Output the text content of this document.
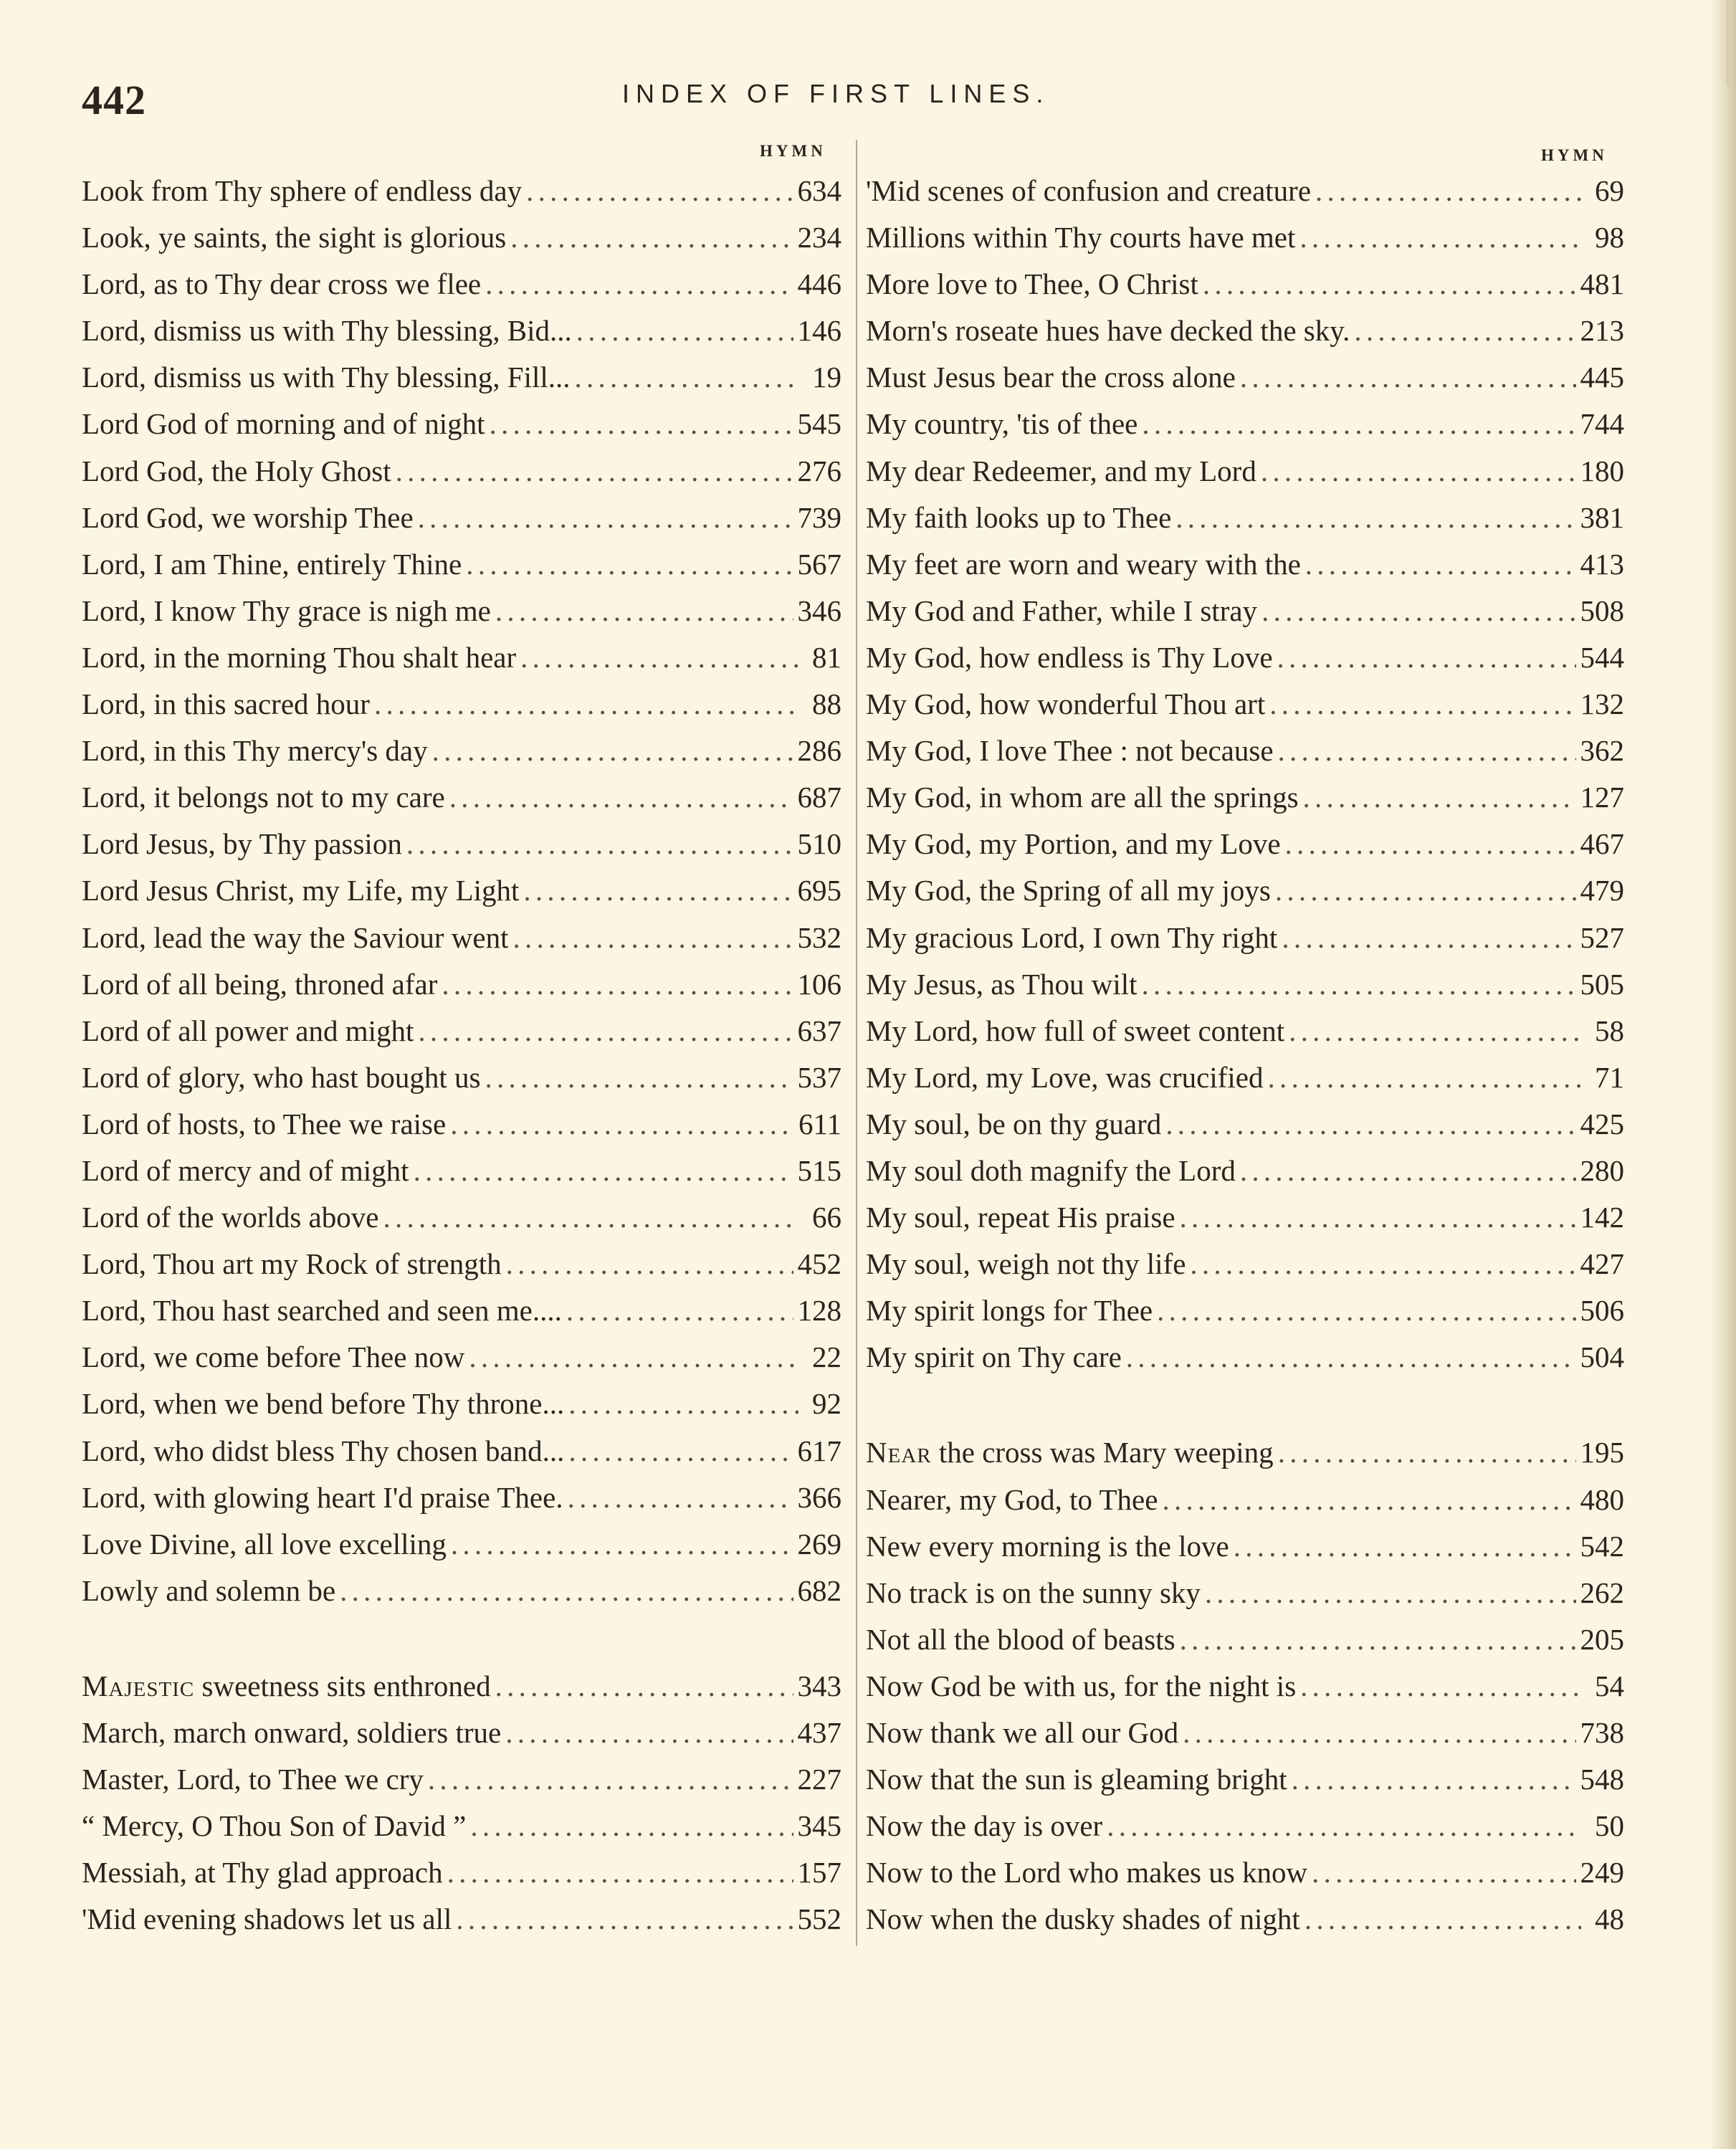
442	INDEX OF FIRST LINES.
HYMN	HYMN
Look from Thy sphere of endless day . . .	634
Look, ye saints, the sight is glorious . . .	234
Lord, as to Thy dear cross we flee . . .	446
Lord, dismiss us with Thy blessing, Bid... . . .	146
Lord, dismiss us with Thy blessing, Fill... . . .	19
Lord God of morning and of night . . .	545
Lord God, the Holy Ghost . . .	276
Lord God, we worship Thee . . .	739
Lord, I am Thine, entirely Thine . . .	567
Lord, I know Thy grace is nigh me . . .	346
Lord, in the morning Thou shalt hear . . .	81
Lord, in this sacred hour . . .	88
Lord, in this Thy mercy's day . . .	286
Lord, it belongs not to my care . . .	687
Lord Jesus, by Thy passion . . .	510
Lord Jesus Christ, my Life, my Light . . .	695
Lord, lead the way the Saviour went . . .	532
Lord of all being, throned afar . . .	106
Lord of all power and might . . .	637
Lord of glory, who hast bought us . . .	537
Lord of hosts, to Thee we raise . . .	611
Lord of mercy and of might . . .	515
Lord of the worlds above . . .	66
Lord, Thou art my Rock of strength . . .	452
Lord, Thou hast searched and seen me.... . . .	128
Lord, we come before Thee now . . .	22
Lord, when we bend before Thy throne... . . .	92
Lord, who didst bless Thy chosen band... . . .	617
Lord, with glowing heart I'd praise Thee. . . .	366
Love Divine, all love excelling . . .	269
Lowly and solemn be . . .	682
Majestic sweetness sits enthroned . . .	343
March, march onward, soldiers true . . .	437
Master, Lord, to Thee we cry . . .	227
“ Mercy, O Thou Son of David ” . . .	345
Messiah, at Thy glad approach . . .	157
'Mid evening shadows let us all . . .	552
'Mid scenes of confusion and creature . . .	69
Millions within Thy courts have met . . .	98
More love to Thee, O Christ . . .	481
Morn's roseate hues have decked the sky. . . .	213
Must Jesus bear the cross alone . . .	445
My country, 'tis of thee . . .	744
My dear Redeemer, and my Lord . . .	180
My faith looks up to Thee . . .	381
My feet are worn and weary with the . . .	413
My God and Father, while I stray . . .	508
My God, how endless is Thy Love . . .	544
My God, how wonderful Thou art . . .	132
My God, I love Thee : not because . . .	362
My God, in whom are all the springs . . .	127
My God, my Portion, and my Love . . .	467
My God, the Spring of all my joys . . .	479
My gracious Lord, I own Thy right . . .	527
My Jesus, as Thou wilt . . .	505
My Lord, how full of sweet content . . .	58
My Lord, my Love, was crucified . . .	71
My soul, be on thy guard . . .	425
My soul doth magnify the Lord . . .	280
My soul, repeat His praise . . .	142
My soul, weigh not thy life . . .	427
My spirit longs for Thee . . .	506
My spirit on Thy care . . .	504
Near the cross was Mary weeping . . .	195
Nearer, my God, to Thee . . .	480
New every morning is the love . . .	542
No track is on the sunny sky . . .	262
Not all the blood of beasts . . .	205
Now God be with us, for the night is . . .	54
Now thank we all our God . . .	738
Now that the sun is gleaming bright . . .	548
Now the day is over . . .	50
Now to the Lord who makes us know . . .	249
Now when the dusky shades of night . . .	48
